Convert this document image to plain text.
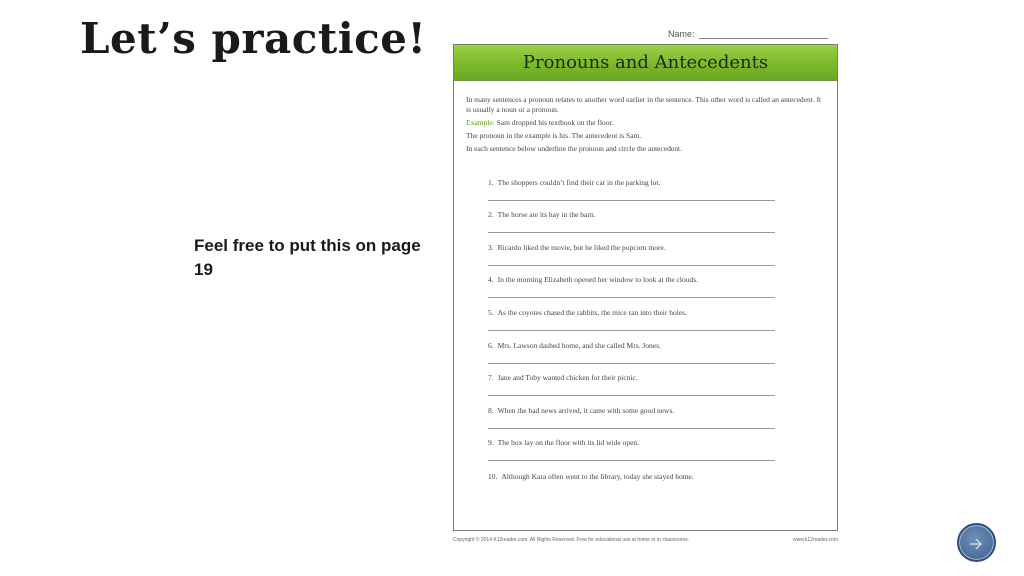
Let’s practice!
Feel free to put this on page 19
Name:
Pronouns and Antecedents

In many sentences a pronoun relates to another word earlier in the sentence. This other word is called an antecedent. It is usually a noun or a pronoun.

Example: Sam dropped his textbook on the floor.

The pronoun in the example is his. The antecedent is Sam.

In each sentence below underline the pronoun and circle the antecedent.

1. The shoppers couldn’t find their car in the parking lot.
2. The horse ate its hay in the barn.
3. Ricardo liked the movie, but he liked the popcorn more.
4. In the morning Elizabeth opened her window to look at the clouds.
5. As the coyotes chased the rabbits, the mice ran into their holes.
6. Mrs. Lawson dashed home, and she called Mrs. Jones.
7. Jane and Toby wanted chicken for their picnic.
8. When the bad news arrived, it came with some good news.
9. The box lay on the floor with its lid wide open.
10. Although Kara often went to the library, today she stayed home.
Copyright © 2014 K12reader.com. All Rights Reserved. Free for educational use at home or in classrooms.	www.k12reader.com
